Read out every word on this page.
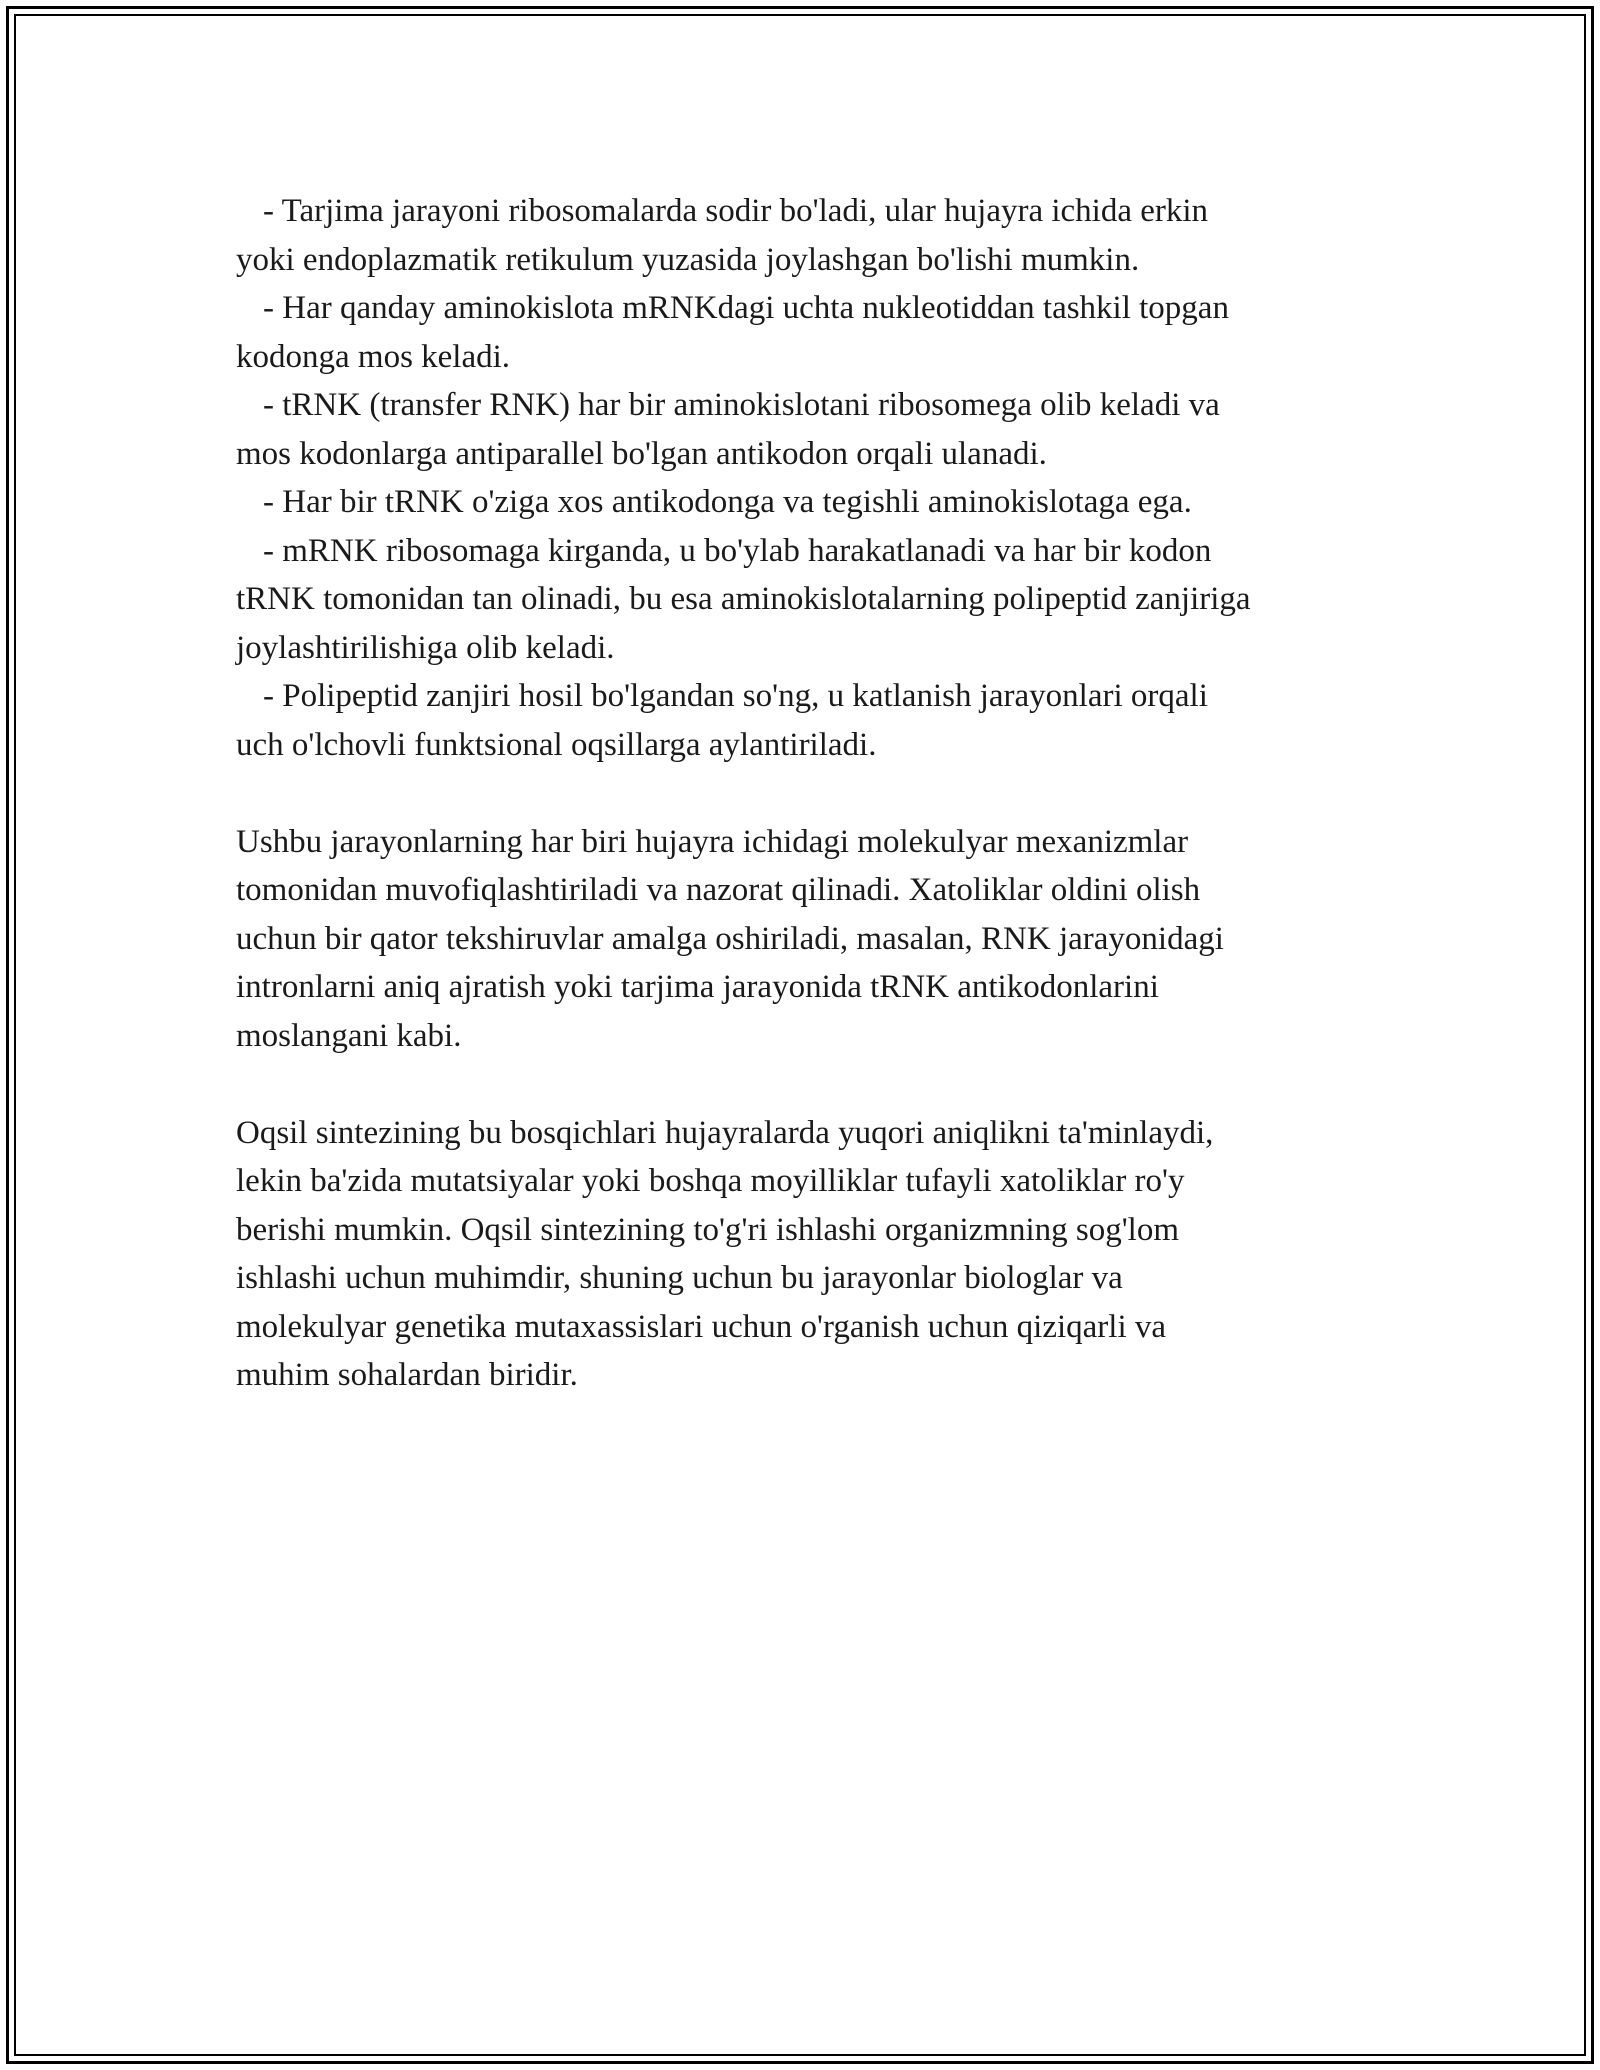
- Tarjima jarayoni ribosomalarda sodir bo'ladi, ular hujayra ichida erkin
yoki endoplazmatik retikulum yuzasida joylashgan bo'lishi mumkin.
- Har qanday aminokislota mRNKdagi uchta nukleotiddan tashkil topgan
kodonga mos keladi.
- tRNK (transfer RNK) har bir aminokislotani ribosomega olib keladi va
mos kodonlarga antiparallel bo'lgan antikodon orqali ulanadi.
- Har bir tRNK o'ziga xos antikodonga va tegishli aminokislotaga ega.
- mRNK ribosomaga kirganda, u bo'ylab harakatlanadi va har bir kodon
tRNK tomonidan tan olinadi, bu esa aminokislotalarning polipeptid zanjiriga
joylashtirilishiga olib keladi.
- Polipeptid zanjiri hosil bo'lgandan so'ng, u katlanish jarayonlari orqali
uch o'lchovli funktsional oqsillarga aylantiriladi.
Ushbu jarayonlarning har biri hujayra ichidagi molekulyar mexanizmlar
tomonidan muvofiqlashtiriladi va nazorat qilinadi. Xatoliklar oldini olish
uchun bir qator tekshiruvlar amalga oshiriladi, masalan, RNK jarayonidagi
intronlarni aniq ajratish yoki tarjima jarayonida tRNK antikodonlarini
moslangani kabi.
Oqsil sintezining bu bosqichlari hujayralarda yuqori aniqlikni ta'minlaydi,
lekin ba'zida mutatsiyalar yoki boshqa moyilliklar tufayli xatoliklar ro'y
berishi mumkin. Oqsil sintezining to'g'ri ishlashi organizmning sog'lom
ishlashi uchun muhimdir, shuning uchun bu jarayonlar biologlar va
molekulyar genetika mutaxassislari uchun o'rganish uchun qiziqarli va
muhim sohalardan biridir.
